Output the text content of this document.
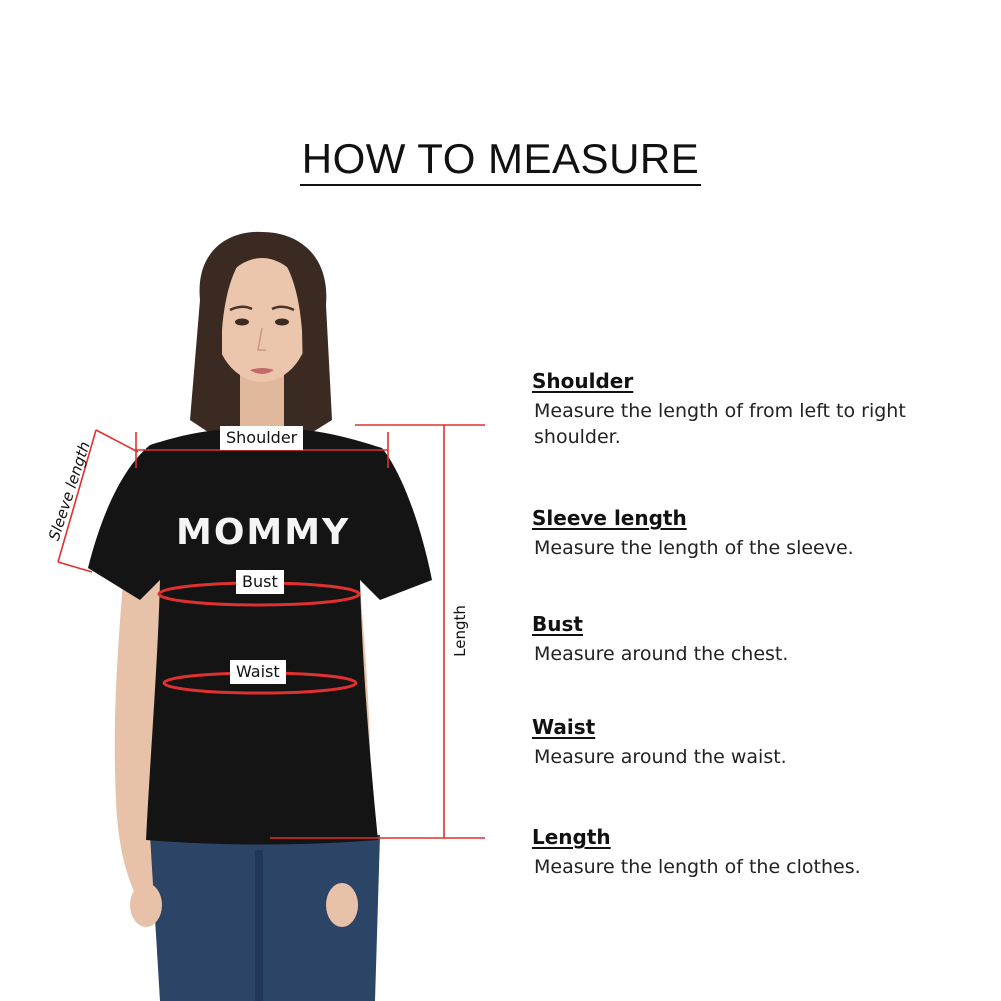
HOW TO MEASURE
MOMMY
Shoulder
Bust
Waist
Sleeve length
Length
Shoulder
Measure the length of from left to right shoulder.
Sleeve length
Measure the length of the sleeve.
Bust
Measure around the chest.
Waist
Measure around the waist.
Length
Measure the length of the clothes.
